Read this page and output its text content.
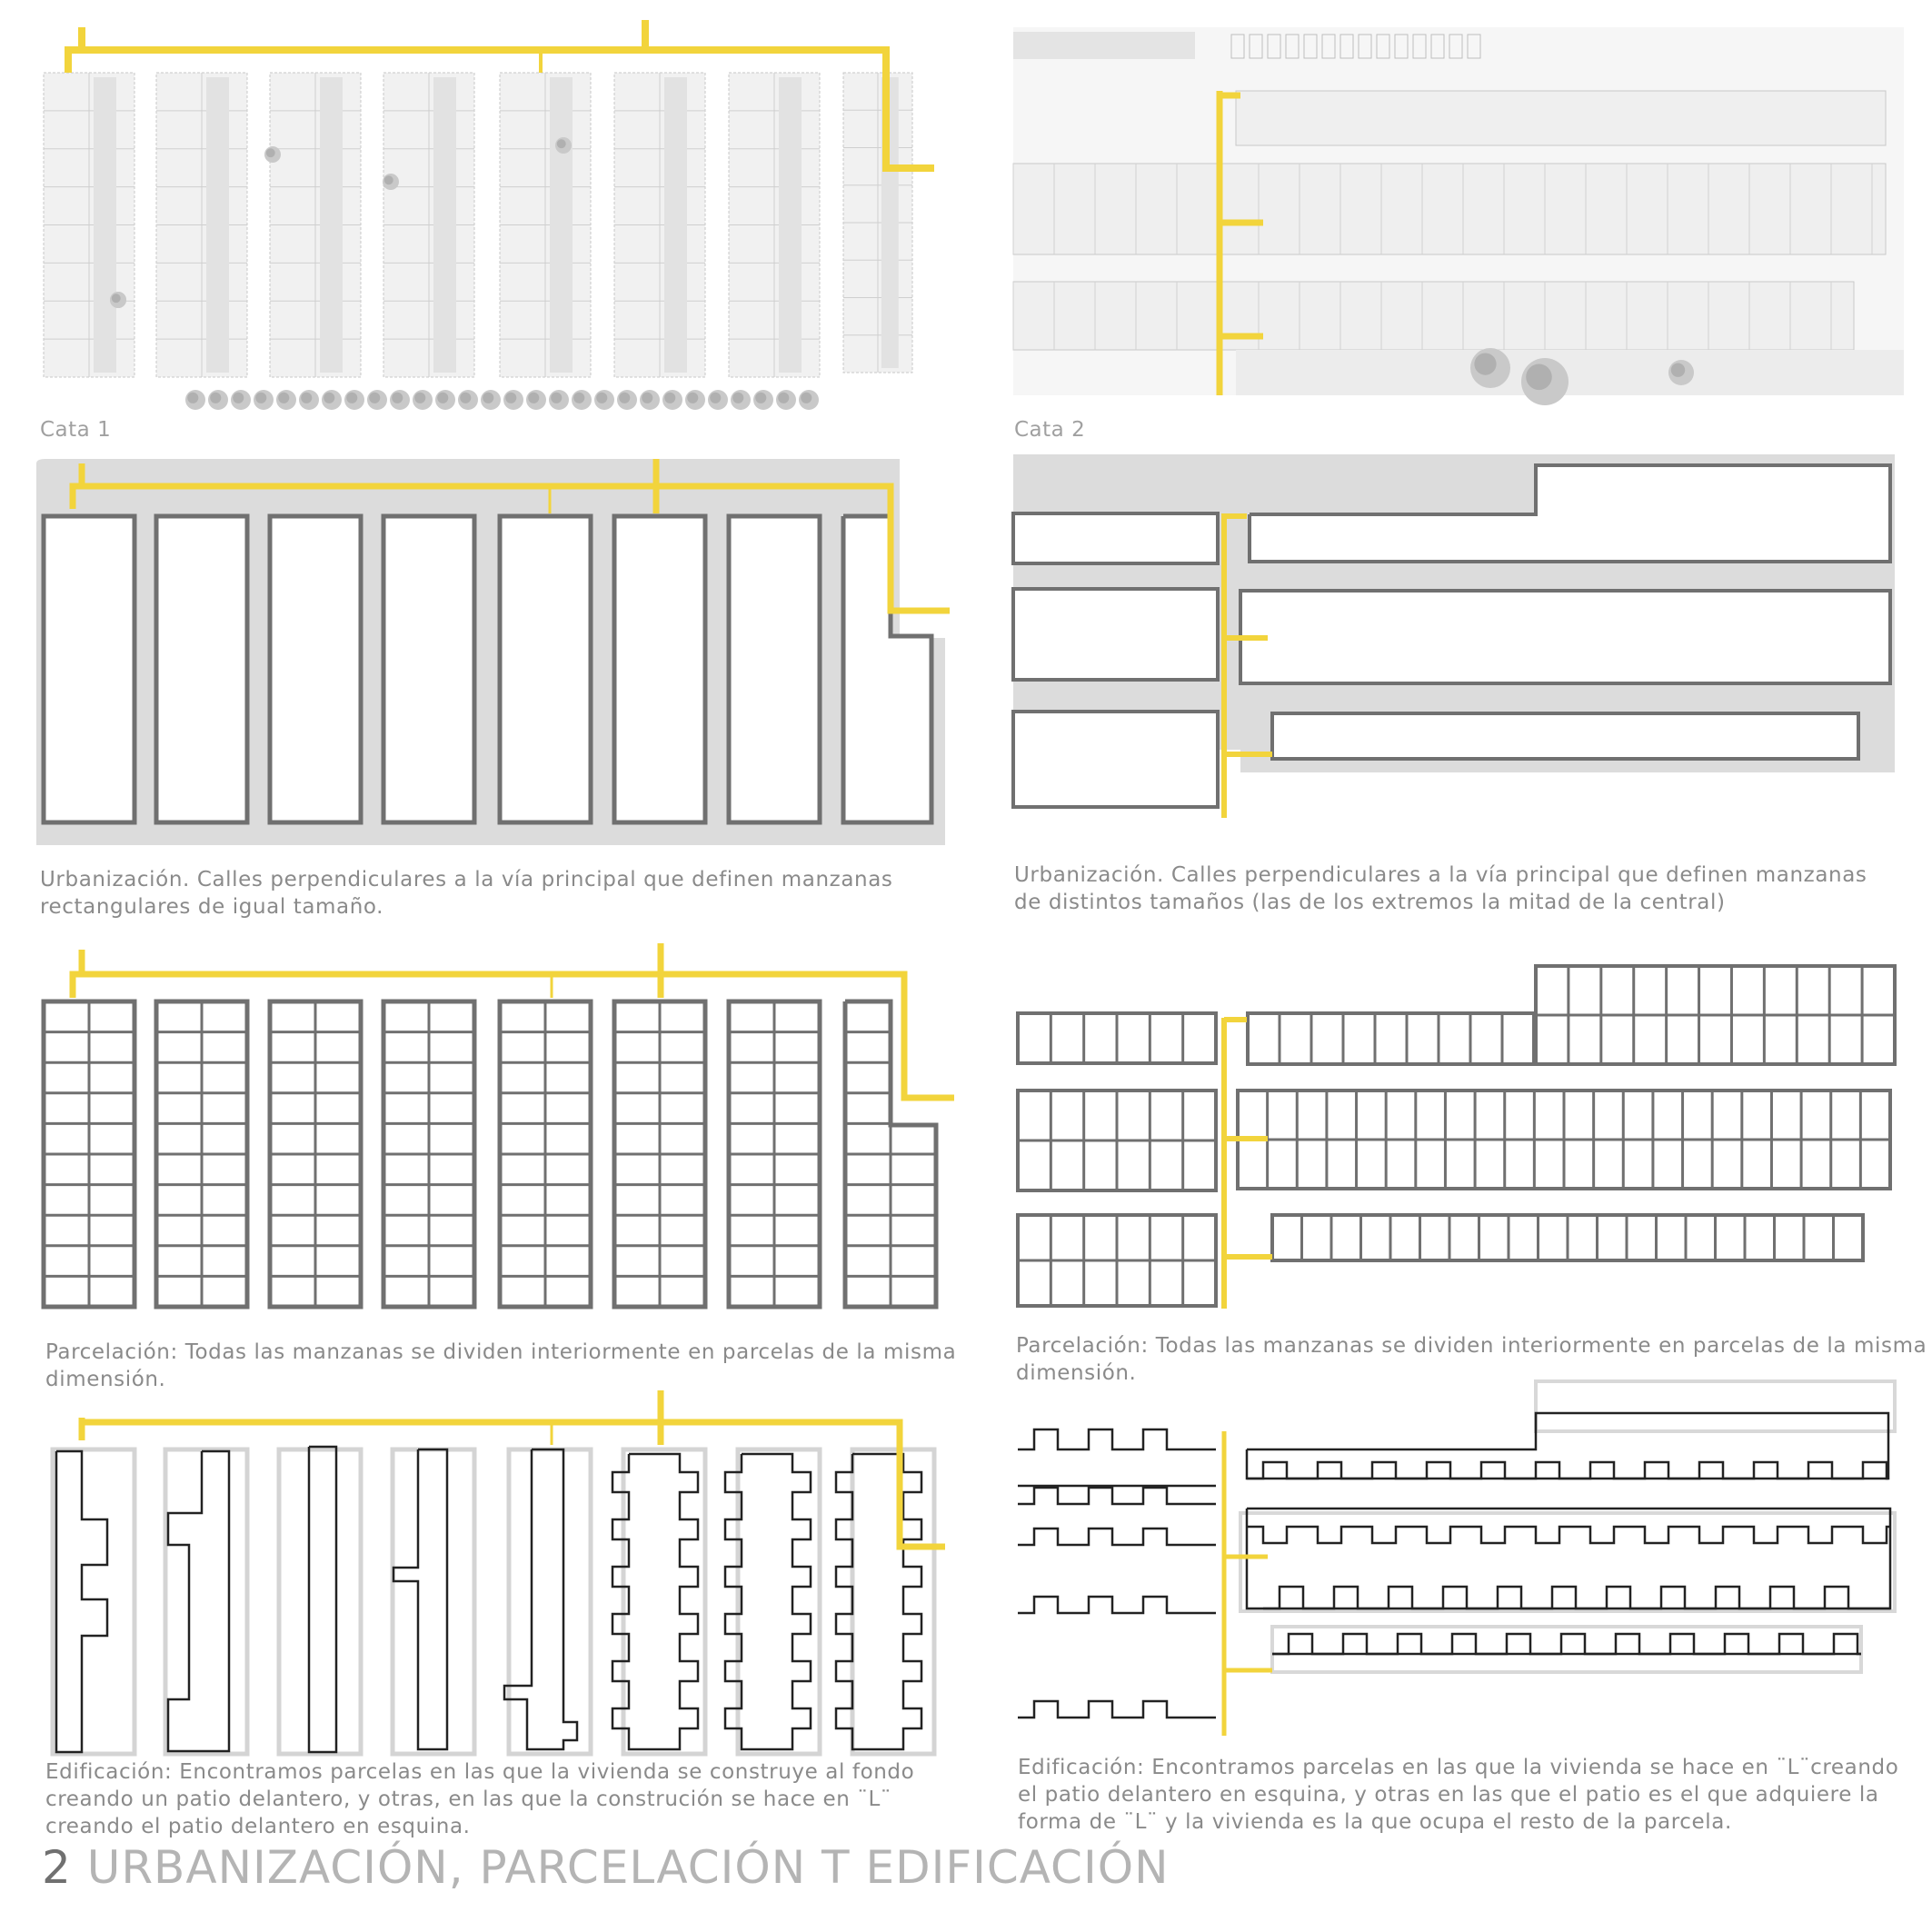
Cata 1	Cata 2
Urbanización. Calles perpendiculares a la vía principal que definen manzanas rectangulares de igual tamaño.
Urbanización. Calles perpendiculares a la vía principal que definen manzanas de distintos tamaños (las de los extremos la mitad de la central)
Parcelación: Todas las manzanas se dividen interiormente en parcelas de la misma dimensión.
Parcelación: Todas las manzanas se dividen interiormente en parcelas de la misma dimensión.
Edificación: Encontramos parcelas en las que la vivienda se construye al fondo creando un patio delantero, y otras, en las que la construción se hace en ¨L¨ creando el patio delantero en esquina.
Edificación: Encontramos parcelas en las que la vivienda se hace en ¨L¨creando el patio delantero en esquina, y otras en las que el patio es el que adquiere la forma de ¨L¨ y la vivienda es la que ocupa el resto de la parcela.
2 URBANIZACIÓN, PARCELACIÓN T EDIFICACIÓN
